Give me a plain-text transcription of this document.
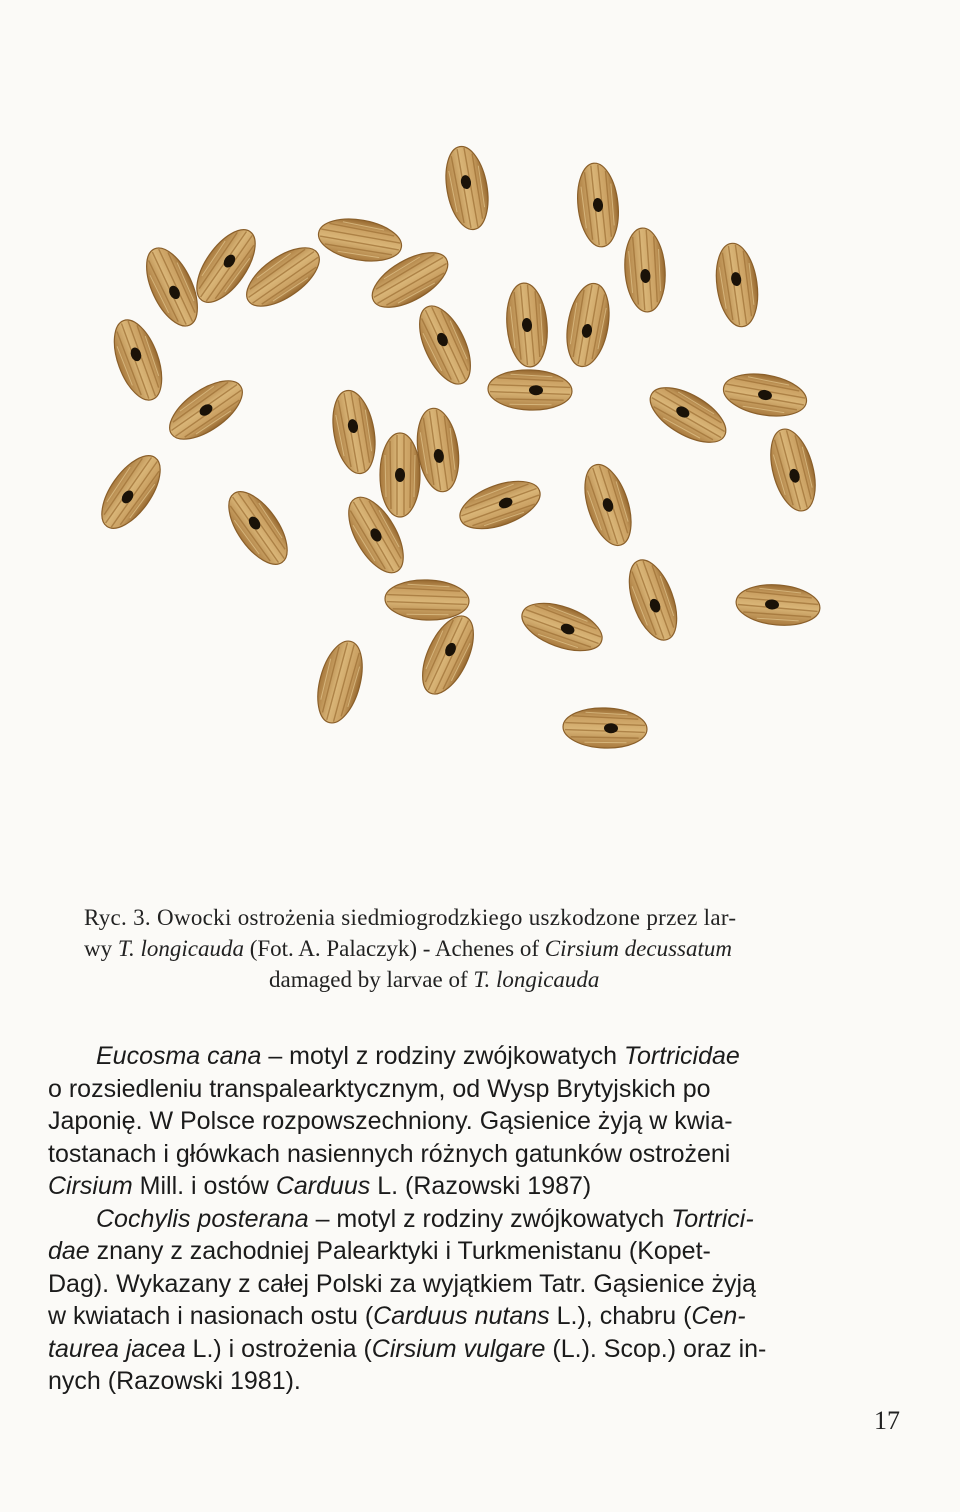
Ryc. 3. Owocki ostrożenia siedmiogrodzkiego uszkodzone przez lar-
wy T. longicauda (Fot. A. Palaczyk) - Achenes of Cirsium decussatum
damaged by larvae of T. longicauda

Eucosma cana – motyl z rodziny zwójkowatych Tortricidae

o rozsiedleniu transpalearktycznym, od Wysp Brytyjskich po
Japonię. W Polsce rozpowszechniony. Gąsienice żyją w kwia-
tostanach i główkach nasiennych różnych gatunków ostrożeni
Cirsium Mill. i ostów Carduus L. (Razowski 1987)

Cochylis posterana – motyl z rodziny zwójkowatych Tortrici-

dae znany z zachodniej Palearktyki i Turkmenistanu (Kopet-
Dag). Wykazany z całej Polski za wyjątkiem Tatr. Gąsienice żyją
w kwiatach i nasionach ostu (Carduus nutans L.), chabru (Cen-
taurea jacea L.) i ostrożenia (Cirsium vulgare (L.). Scop.) oraz in-
nych (Razowski 1981).

17
